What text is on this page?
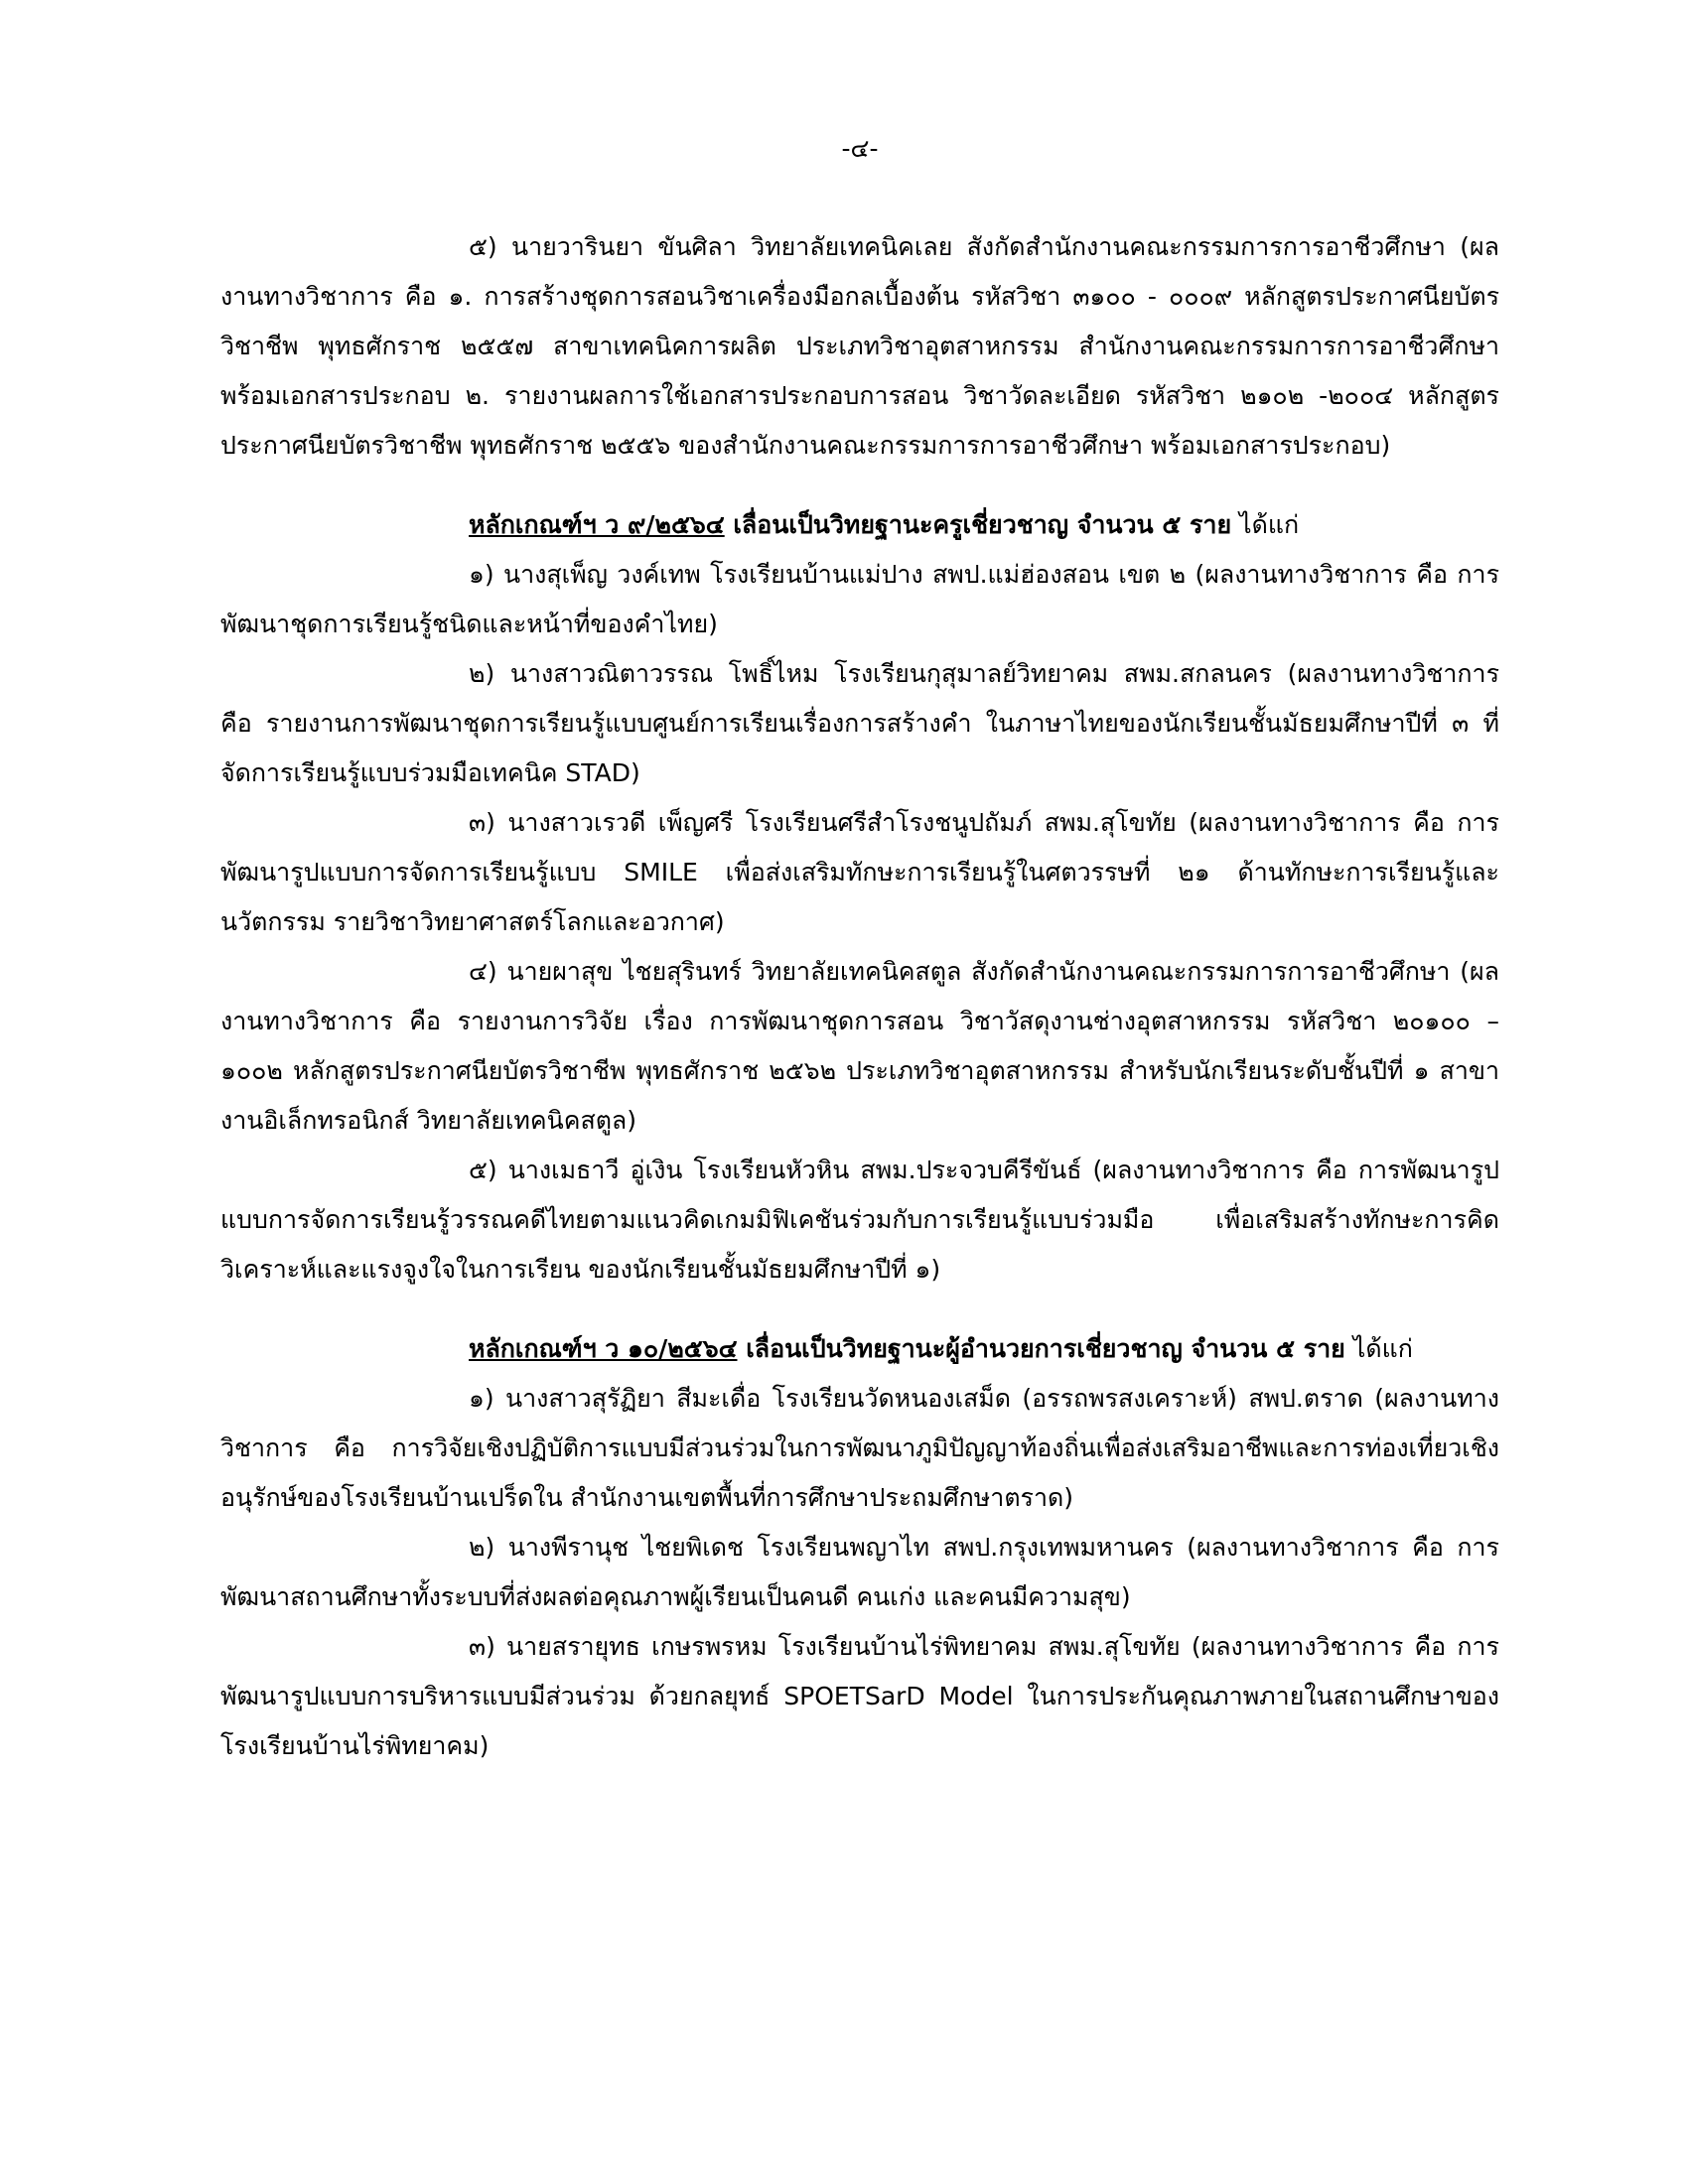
-๔-

๕) นายวารินยา ขันศิลา วิทยาลัยเทคนิคเลย สังกัดสำนักงานคณะกรรมการการอาชีวศึกษา (ผลงานทางวิชาการ คือ ๑. การสร้างชุดการสอนวิชาเครื่องมือกลเบื้องต้น รหัสวิชา ๓๑๐๐ - ๐๐๐๙ หลักสูตรประกาศนียบัตรวิชาชีพ พุทธศักราช ๒๕๕๗ สาขาเทคนิคการผลิต ประเภทวิชาอุตสาหกรรม สำนักงานคณะกรรมการการอาชีวศึกษา พร้อมเอกสารประกอบ ๒. รายงานผลการใช้เอกสารประกอบการสอน วิชาวัดละเอียด รหัสวิชา ๒๑๐๒ -๒๐๐๔ หลักสูตรประกาศนียบัตรวิชาชีพ พุทธศักราช ๒๕๕๖ ของสำนักงานคณะกรรมการการอาชีวศึกษา พร้อมเอกสารประกอบ)

หลักเกณฑ์ฯ ว ๙/๒๕๖๔ เลื่อนเป็นวิทยฐานะครูเชี่ยวชาญ จำนวน ๕ ราย ได้แก่

๑) นางสุเพ็ญ วงค์เทพ โรงเรียนบ้านแม่ปาง สพป.แม่ฮ่องสอน เขต ๒ (ผลงานทางวิชาการ คือ การพัฒนาชุดการเรียนรู้ชนิดและหน้าที่ของคำไทย)

๒) นางสาวณิตาวรรณ โพธิ์ไหม โรงเรียนกุสุมาลย์วิทยาคม สพม.สกลนคร (ผลงานทางวิชาการ คือ รายงานการพัฒนาชุดการเรียนรู้แบบศูนย์การเรียนเรื่องการสร้างคำ ในภาษาไทยของนักเรียนชั้นมัธยมศึกษาปีที่ ๓ ที่จัดการเรียนรู้แบบร่วมมือเทคนิค STAD)

๓) นางสาวเรวดี เพ็ญศรี โรงเรียนศรีสำโรงชนูปถัมภ์ สพม.สุโขทัย (ผลงานทางวิชาการ คือ การพัฒนารูปแบบการจัดการเรียนรู้แบบ SMILE เพื่อส่งเสริมทักษะการเรียนรู้ในศตวรรษที่ ๒๑ ด้านทักษะการเรียนรู้และนวัตกรรม รายวิชาวิทยาศาสตร์โลกและอวกาศ)

๔) นายผาสุข ไชยสุรินทร์ วิทยาลัยเทคนิคสตูล สังกัดสำนักงานคณะกรรมการการอาชีวศึกษา (ผลงานทางวิชาการ คือ รายงานการวิจัย เรื่อง การพัฒนาชุดการสอน วิชาวัสดุงานช่างอุตสาหกรรม รหัสวิชา ๒๐๑๐๐ – ๑๐๐๒ หลักสูตรประกาศนียบัตรวิชาชีพ พุทธศักราช ๒๕๖๒ ประเภทวิชาอุตสาหกรรม สำหรับนักเรียนระดับชั้นปีที่ ๑ สาขางานอิเล็กทรอนิกส์ วิทยาลัยเทคนิคสตูล)

๕) นางเมธาวี อู่เงิน โรงเรียนหัวหิน สพม.ประจวบคีรีขันธ์ (ผลงานทางวิชาการ คือ การพัฒนารูปแบบการจัดการเรียนรู้วรรณคดีไทยตามแนวคิดเกมมิฟิเคชันร่วมกับการเรียนรู้แบบร่วมมือ เพื่อเสริมสร้างทักษะการคิดวิเคราะห์และแรงจูงใจในการเรียน ของนักเรียนชั้นมัธยมศึกษาปีที่ ๑)

หลักเกณฑ์ฯ ว ๑๐/๒๕๖๔ เลื่อนเป็นวิทยฐานะผู้อำนวยการเชี่ยวชาญ จำนวน ๕ ราย ได้แก่

๑) นางสาวสุรัฏิยา สีมะเดื่อ โรงเรียนวัดหนองเสม็ด (อรรถพรสงเคราะห์) สพป.ตราด (ผลงานทางวิชาการ คือ การวิจัยเชิงปฏิบัติการแบบมีส่วนร่วมในการพัฒนาภูมิปัญญาท้องถิ่นเพื่อส่งเสริมอาชีพและการท่องเที่ยวเชิงอนุรักษ์ของโรงเรียนบ้านเปร็ดใน สำนักงานเขตพื้นที่การศึกษาประถมศึกษาตราด)

๒) นางพีรานุช ไชยพิเดช โรงเรียนพญาไท สพป.กรุงเทพมหานคร (ผลงานทางวิชาการ คือ การพัฒนาสถานศึกษาทั้งระบบที่ส่งผลต่อคุณภาพผู้เรียนเป็นคนดี คนเก่ง และคนมีความสุข)

๓) นายสรายุทธ เกษรพรหม โรงเรียนบ้านไร่พิทยาคม สพม.สุโขทัย (ผลงานทางวิชาการ คือ การพัฒนารูปแบบการบริหารแบบมีส่วนร่วม ด้วยกลยุทธ์ SPOETSarD Model ในการประกันคุณภาพภายในสถานศึกษาของโรงเรียนบ้านไร่พิทยาคม)
